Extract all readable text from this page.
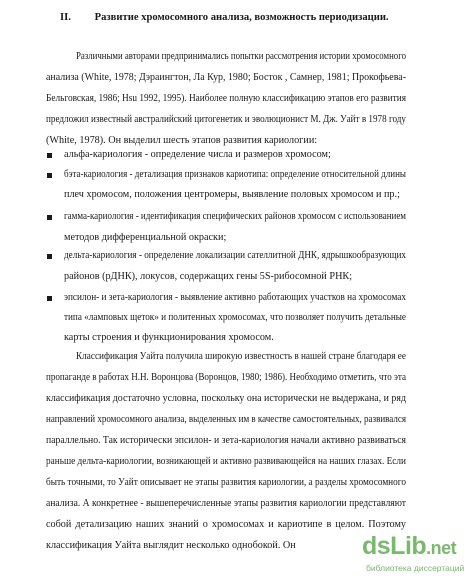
II. Развитие хромосомного анализа, возможность периодизации.
Различными авторами предпринимались попытки рассмотрения истории хромосомного
анализа (White, 1978; Дэраингтон, Ла Кур, 1980; Босток , Самнер, 1981; Прокофьева-
Бельговская, 1986; Hsu 1992, 1995). Наиболее полную классификацию этапов его развития
предложил известный австралийский цитогенетик и эволюционист М. Дж. Уайт в 1978 году
(White, 1978). Он выделил шесть этапов развития кариологии:
альфа-кариология - определение числа и размеров хромосом;
бэта-кариология - детализация признаков кариотипа: определение относительной длины
плеч хромосом, положения центромеры, выявление половых хромосом и пр.;
гамма-кариология - идентификация специфических районов хромосом с использованием
методов дифференциальной окраски;
дельта-кариология - определение локализации сателлитной ДНК, ядрышкообразующих
районов (рДНК), локусов, содержащих гены 5S-рибосомной РНК;
эпсилон- и зета-кариология - выявление активно работающих участков на хромосомах
типа «ламповых щеток» и политенных хромосомах, что позволяет получить детальные
карты строения и функционирования хромосом.
Классификация Уайта получила широкую известность в нашей стране благодаря ее
пропаганде в работах Н.Н. Воронцова (Воронцов, 1980; 1986). Необходимо отметить, что эта
классификация достаточно условна, поскольку она исторически не выдержана, и ряд
направлений хромосомного анализа, выделенных им в качестве самостоятельных, развивался
параллельно. Так исторически эпсилон- и зета-кариология начали активно развиваться
раньше дельта-кариологии, возникающей и активно развивающейся на наших глазах. Если
быть точными, то Уайт описывает не этапы развития кариологии, а разделы хромосомного
анализа. А конкретнее - вышеперечисленные этапы развития кариологии представляют
собой детализацию наших знаний о хромосомах и кариотипе в целом. Поэтому
классификация Уайта выглядит несколько однобокой. Он	dsLib.net
библиотека диссертаций
